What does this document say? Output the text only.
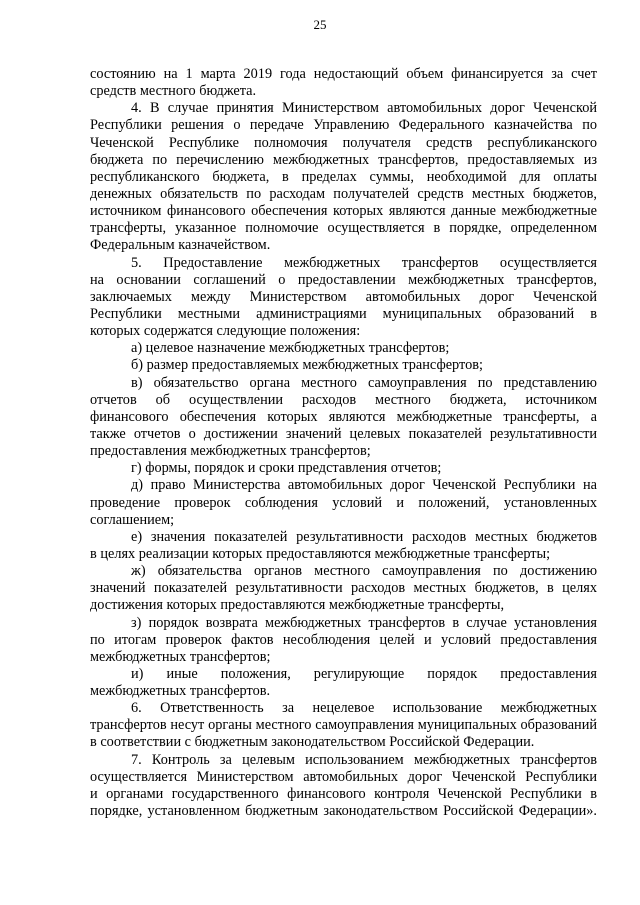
25
состоянию на 1 марта 2019 года недостающий объем финансируется за счет
средств местного бюджета.
4. В случае принятия Министерством автомобильных дорог Чеченской
Республики решения о передаче Управлению Федерального казначейства по
Чеченской Республике полномочия получателя средств республиканского
бюджета по перечислению межбюджетных трансфертов, предоставляемых из
республиканского бюджета, в пределах суммы, необходимой для оплаты
денежных обязательств по расходам получателей средств местных бюджетов,
источником финансового обеспечения которых являются данные межбюджетные
трансферты, указанное полномочие осуществляется в порядке, определенном
Федеральным казначейством.
5. Предоставление межбюджетных трансфертов осуществляется
на основании соглашений о предоставлении межбюджетных трансфертов,
заключаемых между Министерством автомобильных дорог Чеченской
Республики местными администрациями муниципальных образований в
которых содержатся следующие положения:
а) целевое назначение межбюджетных трансфертов;
б) размер предоставляемых межбюджетных трансфертов;
в) обязательство органа местного самоуправления по представлению
отчетов об осуществлении расходов местного бюджета, источником
финансового обеспечения которых являются межбюджетные трансферты, а
также отчетов о достижении значений целевых показателей результативности
предоставления межбюджетных трансфертов;
г) формы, порядок и сроки представления отчетов;
д) право Министерства автомобильных дорог Чеченской Республики на
проведение проверок соблюдения условий и положений, установленных
соглашением;
е) значения показателей результативности расходов местных бюджетов
в целях реализации которых предоставляются межбюджетные трансферты;
ж) обязательства органов местного самоуправления по достижению
значений показателей результативности расходов местных бюджетов, в целях
достижения которых предоставляются межбюджетные трансферты,
з) порядок возврата межбюджетных трансфертов в случае установления
по итогам проверок фактов несоблюдения целей и условий предоставления
межбюджетных трансфертов;
и) иные положения, регулирующие порядок предоставления
межбюджетных трансфертов.
6. Ответственность за нецелевое использование межбюджетных
трансфертов несут органы местного самоуправления муниципальных образований
в соответствии с бюджетным законодательством Российской Федерации.
7. Контроль за целевым использованием межбюджетных трансфертов
осуществляется Министерством автомобильных дорог Чеченской Республики
и органами государственного финансового контроля Чеченской Республики в
порядке, установленном бюджетным законодательством Российской Федерации».
